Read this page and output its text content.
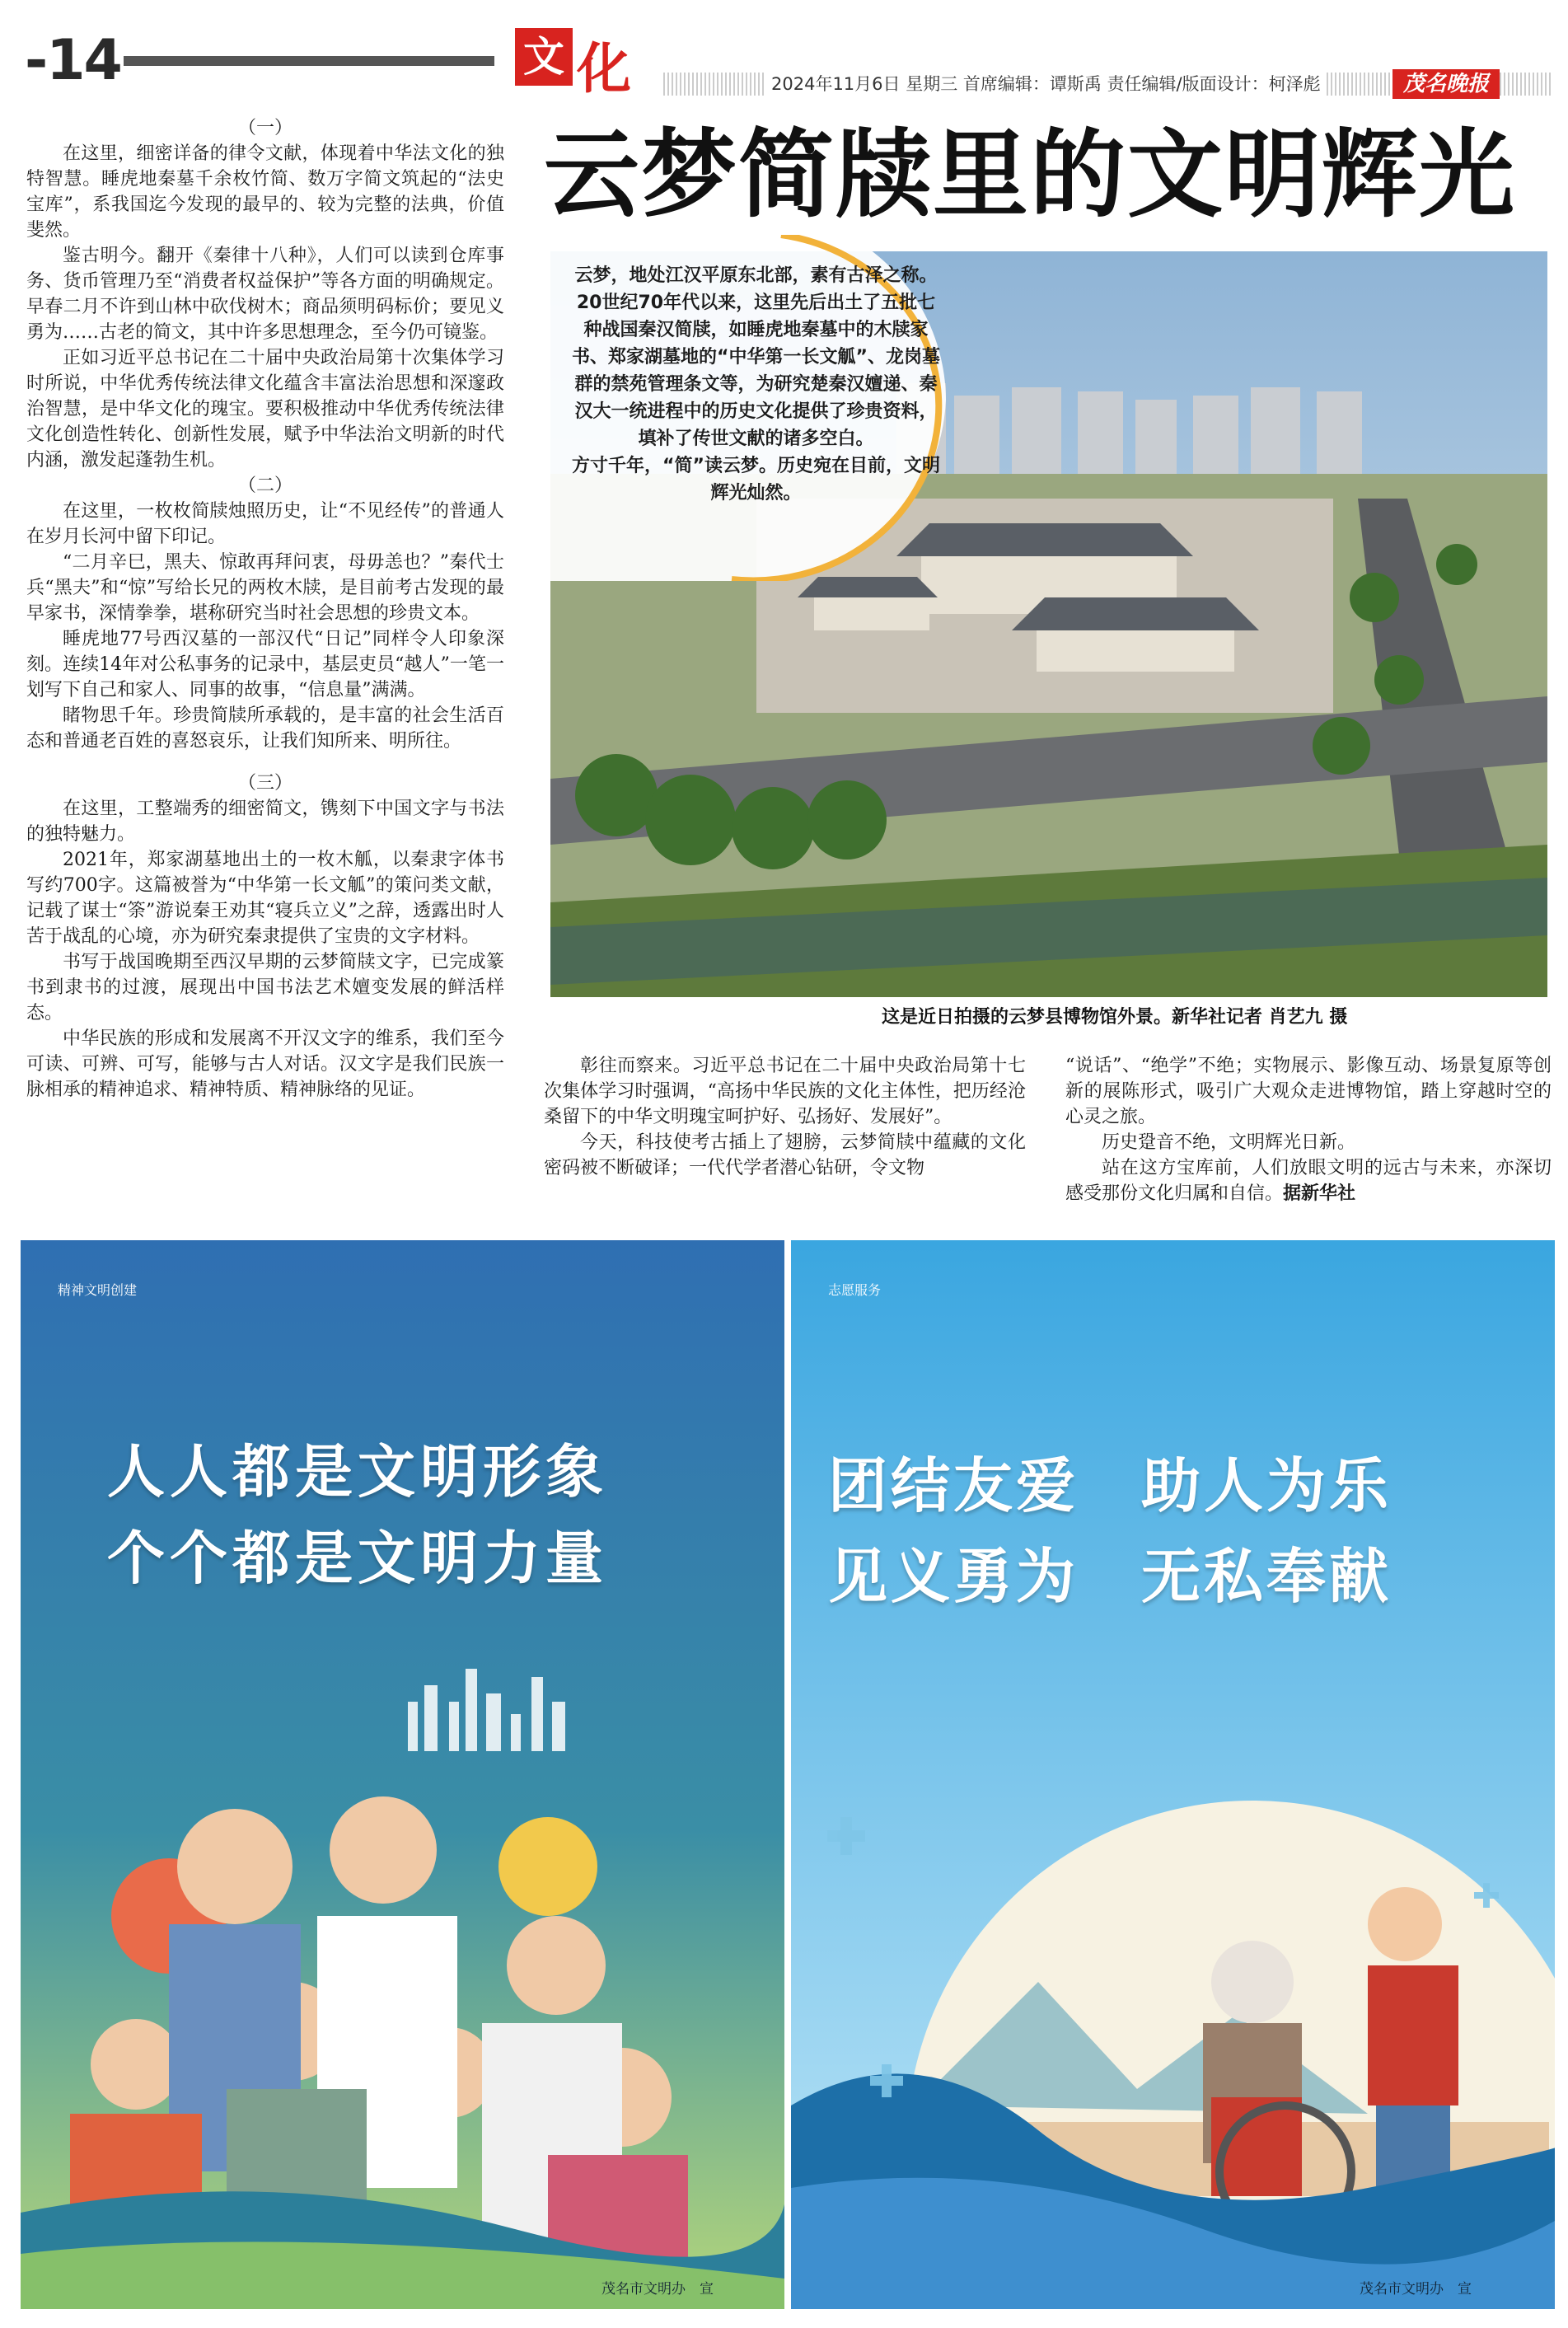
-14	文 化	2024年11月6日 星期三 首席编辑：谭斯禹 责任编辑/版面设计：柯泽彪	茂名晚报
云梦简牍里的文明辉光
（一）

在这里，细密详备的律令文献，体现着中华法文化的独特智慧。睡虎地秦墓千余枚竹简、数万字简文筑起的“法史宝库”，系我国迄今发现的最早的、较为完整的法典，价值斐然。

鉴古明今。翻开《秦律十八种》，人们可以读到仓库事务、货币管理乃至“消费者权益保护”等各方面的明确规定。早春二月不许到山林中砍伐树木；商品须明码标价；要见义勇为……古老的简文，其中许多思想理念，至今仍可镜鉴。

正如习近平总书记在二十届中央政治局第十次集体学习时所说，中华优秀传统法律文化蕴含丰富法治思想和深邃政治智慧，是中华文化的瑰宝。要积极推动中华优秀传统法律文化创造性转化、创新性发展，赋予中华法治文明新的时代内涵，激发起蓬勃生机。

（二）

在这里，一枚枚简牍烛照历史，让“不见经传”的普通人在岁月长河中留下印记。

“二月辛巳，黑夫、惊敢再拜问衷，母毋恙也？”秦代士兵“黑夫”和“惊”写给长兄的两枚木牍，是目前考古发现的最早家书，深情拳拳，堪称研究当时社会思想的珍贵文本。

睡虎地77号西汉墓的一部汉代“日记”同样令人印象深刻。连续14年对公私事务的记录中，基层吏员“越人”一笔一划写下自己和家人、同事的故事，“信息量”满满。

睹物思千年。珍贵简牍所承载的，是丰富的社会生活百态和普通老百姓的喜怒哀乐，让我们知所来、明所往。

（三）

在这里，工整端秀的细密简文，镌刻下中国文字与书法的独特魅力。

2021年，郑家湖墓地出土的一枚木觚，以秦隶字体书写约700字。这篇被誉为“中华第一长文觚”的策问类文献，记载了谋士“筡”游说秦王劝其“寝兵立义”之辞，透露出时人苦于战乱的心境，亦为研究秦隶提供了宝贵的文字材料。

书写于战国晚期至西汉早期的云梦简牍文字，已完成篆书到隶书的过渡，展现出中国书法艺术嬗变发展的鲜活样态。

中华民族的形成和发展离不开汉文字的维系，我们至今可读、可辨、可写，能够与古人对话。汉文字是我们民族一脉相承的精神追求、精神特质、精神脉络的见证。

云梦，地处江汉平原东北部，素有古泽之称。20世纪70年代以来，这里先后出土了五批七种战国秦汉简牍，如睡虎地秦墓中的木牍家书、郑家湖墓地的“中华第一长文觚”、龙岗墓群的禁苑管理条文等，为研究楚秦汉嬗递、秦汉大一统进程中的历史文化提供了珍贵资料，填补了传世文献的诸多空白。
方寸千年，“简”读云梦。历史宛在目前，文明辉光灿然。
这是近日拍摄的云梦县博物馆外景。新华社记者 肖艺九 摄

彰往而察来。习近平总书记在二十届中央政治局第十七次集体学习时强调，“高扬中华民族的文化主体性，把历经沧桑留下的中华文明瑰宝呵护好、弘扬好、发展好”。

今天，科技使考古插上了翅膀，云梦简牍中蕴藏的文化密码被不断破译；一代代学者潜心钻研，令文物

“说话”、“绝学”不绝；实物展示、影像互动、场景复原等创新的展陈形式，吸引广大观众走进博物馆，踏上穿越时空的心灵之旅。

历史跫音不绝，文明辉光日新。

站在这方宝库前，人们放眼文明的远古与未来，亦深切感受那份文化归属和自信。据新华社

精神文明创建
人人都是文明形象
个个都是文明力量
茂名市文明办　宣
志愿服务
团结友爱　助人为乐
见义勇为　无私奉献
茂名市文明办　宣
